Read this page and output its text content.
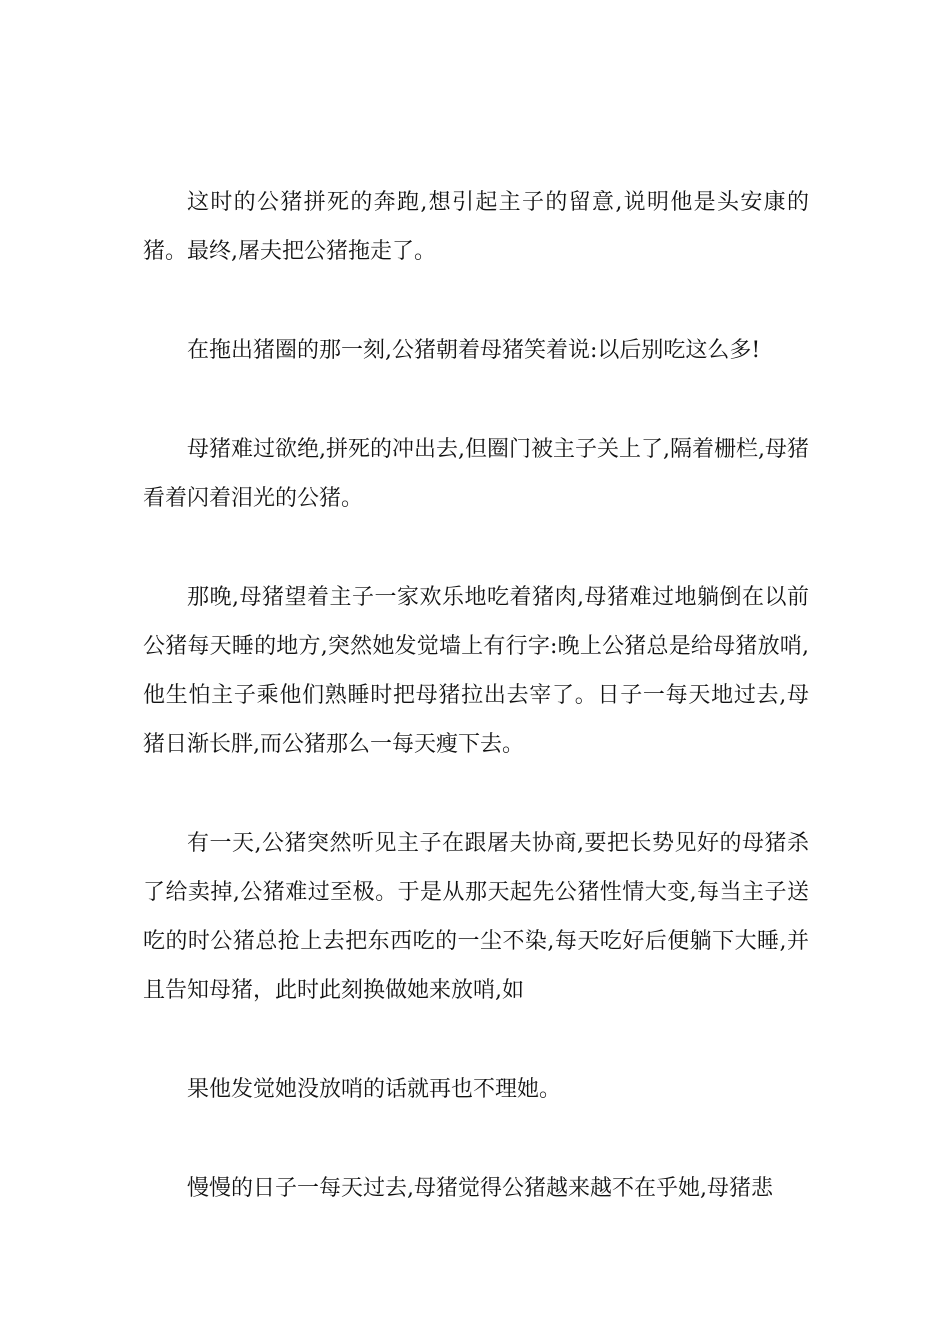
这时的公猪拼死的奔跑,想引起主子的留意,说明他是头安康的猪。最终,屠夫把公猪拖走了。

在拖出猪圈的那一刻,公猪朝着母猪笑着说:以后别吃这么多!

母猪难过欲绝,拼死的冲出去,但圈门被主子关上了,隔着栅栏,母猪看着闪着泪光的公猪。

那晚,母猪望着主子一家欢乐地吃着猪肉,母猪难过地躺倒在以前公猪每天睡的地方,突然她发觉墙上有行字:晚上公猪总是给母猪放哨,他生怕主子乘他们熟睡时把母猪拉出去宰了。日子一每天地过去,母猪日渐长胖,而公猪那么一每天瘦下去。

有一天,公猪突然听见主子在跟屠夫协商,要把长势见好的母猪杀了给卖掉,公猪难过至极。于是从那天起先公猪性情大变,每当主子送吃的时公猪总抢上去把东西吃的一尘不染,每天吃好后便躺下大睡,并且告知母猪，此时此刻换做她来放哨,如

果他发觉她没放哨的话就再也不理她。

慢慢的日子一每天过去,母猪觉得公猪越来越不在乎她,母猪悲
